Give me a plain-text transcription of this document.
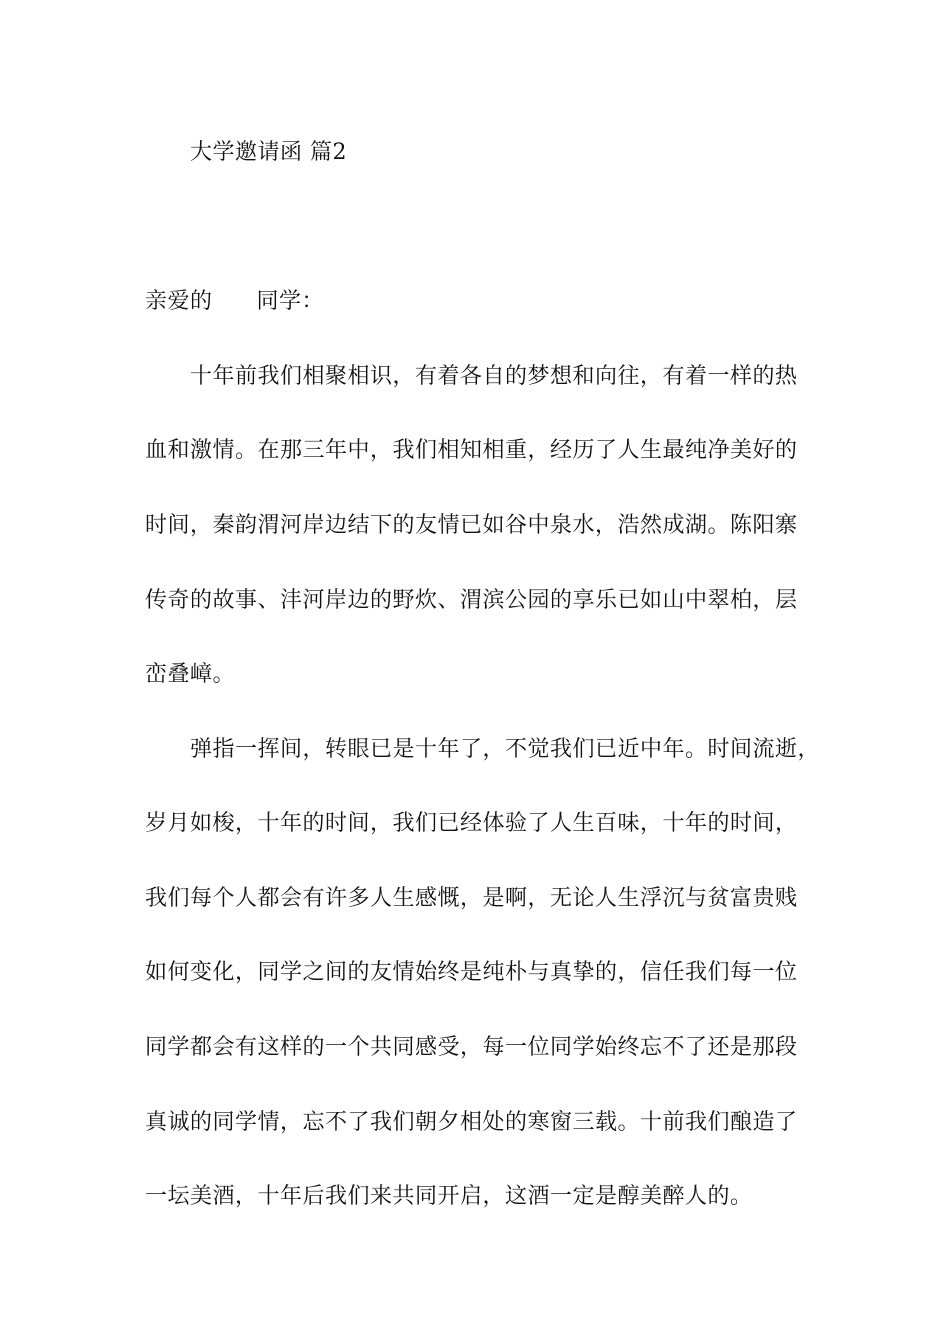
大学邀请函 篇2
亲爱的 同学：
十年前我们相聚相识，有着各自的梦想和向往，有着一样的热
血和激情。在那三年中，我们相知相重，经历了人生最纯净美好的
时间，秦韵渭河岸边结下的友情已如谷中泉水，浩然成湖。陈阳寨
传奇的故事、沣河岸边的野炊、渭滨公园的享乐已如山中翠柏，层
峦叠嶂。
弹指一挥间，转眼已是十年了，不觉我们已近中年。时间流逝，
岁月如梭，十年的时间，我们已经体验了人生百味，十年的时间，
我们每个人都会有许多人生感慨，是啊，无论人生浮沉与贫富贵贱
如何变化，同学之间的友情始终是纯朴与真挚的，信任我们每一位
同学都会有这样的一个共同感受，每一位同学始终忘不了还是那段
真诚的同学情，忘不了我们朝夕相处的寒窗三载。十前我们酿造了
一坛美酒，十年后我们来共同开启，这酒一定是醇美醉人的。
